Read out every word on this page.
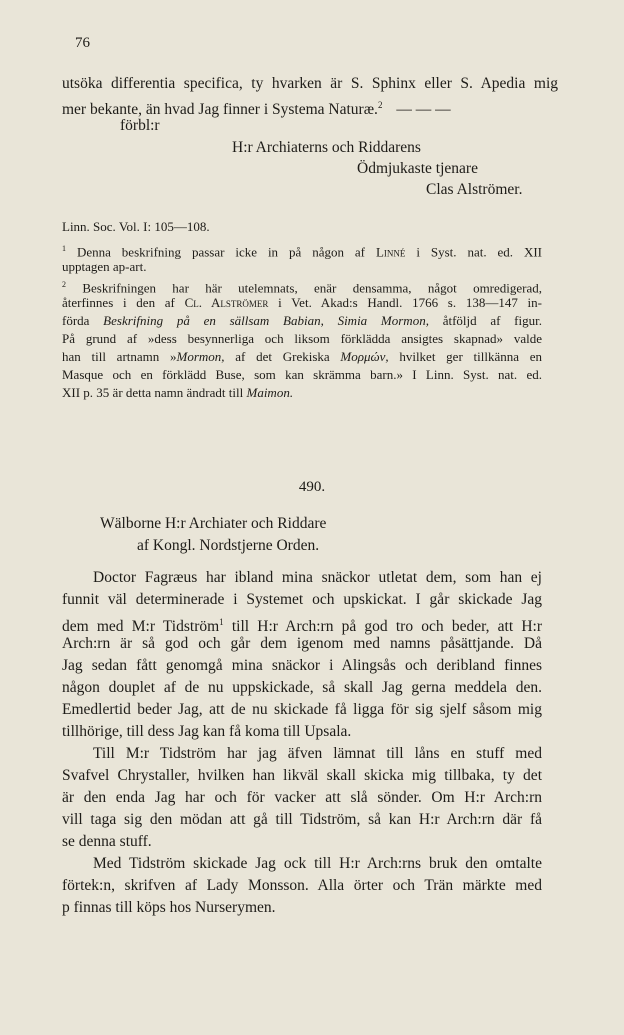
76
utsöka differentia specifica, ty hvarken är S. Sphinx eller S. Apedia mig
mer bekante, än hvad Jag finner i Systema Naturæ.$^2$ — — —
förbl:r
H:r Archiaterns och Riddarens
Ödmjukaste tjenare
Clas Alströmer.
Linn. Soc. Vol. I: 105—108.
$^1$ Denna beskrifning passar icke in på någon af Linné i Syst. nat. ed. XII
upptagen ap-art.
$^2$ Beskrifningen har här utelemnats, enär densamma, något omredigerad,
återfinnes i den af Cl. Alströmer i Vet. Akad:s Handl. 1766 s. 138—147 in-
förda Beskrifning på en sällsam Babian, Simia Mormon, åtföljd af figur.
På grund af »dess besynnerliga och liksom förklädda ansigtes skapnad» valde
han till artnamn »Mormon, af det Grekiska Μορμών, hvilket ger tillkänna en
Masque och en förklädd Buse, som kan skrämma barn.» I Linn. Syst. nat. ed.
XII p. 35 är detta namn ändradt till Maimon.
490.
Wälborne H:r Archiater och Riddare
af Kongl. Nordstjerne Orden.
Doctor Fagræus har ibland mina snäckor utletat dem, som han ej
funnit väl determinerade i Systemet och upskickat. I går skickade Jag
dem med M:r Tidström$^1$ till H:r Arch:rn på god tro och beder, att H:r
Arch:rn är så god och går dem igenom med namns påsättjande. Då
Jag sedan fått genomgå mina snäckor i Alingsås och deribland finnes
någon douplet af de nu uppskickade, så skall Jag gerna meddela den.
Emedlertid beder Jag, att de nu skickade få ligga för sig sjelf såsom mig
tillhörige, till dess Jag kan få koma till Upsala.
Till M:r Tidström har jag äfven lämnat till låns en stuff med
Svafvel Chrystaller, hvilken han likväl skall skicka mig tillbaka, ty det
är den enda Jag har och för vacker att slå sönder. Om H:r Arch:rn
vill taga sig den mödan att gå till Tidström, så kan H:r Arch:rn där få
se denna stuff.
Med Tidström skickade Jag ock till H:r Arch:rns bruk den omtalte
förtek:n, skrifven af Lady Monsson. Alla örter och Trän märkte med
p finnas till köps hos Nurserymen.
